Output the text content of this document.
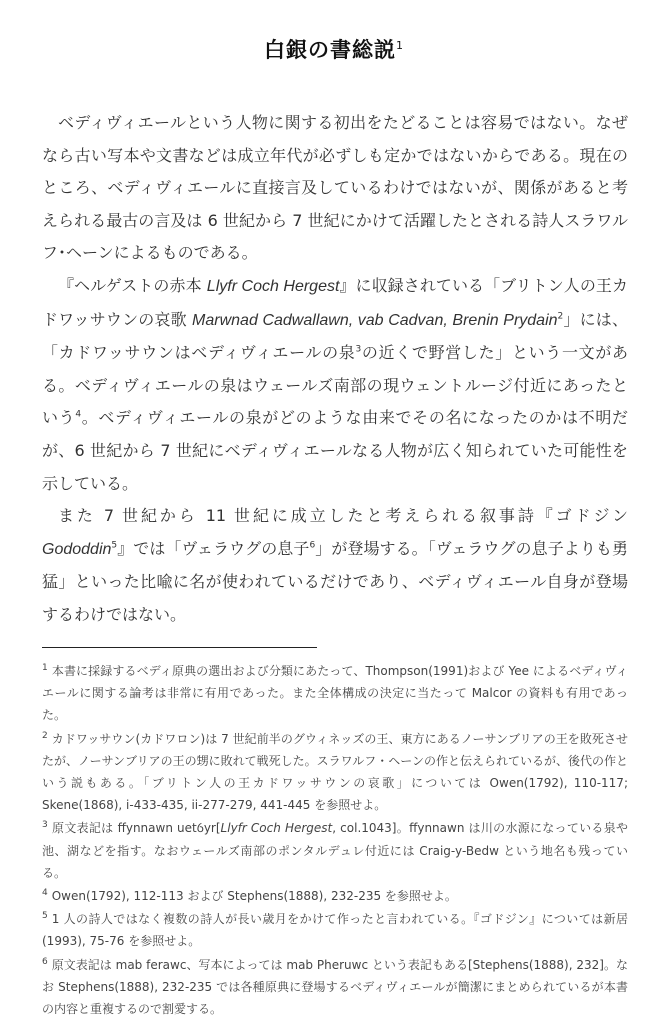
白銀の書総説$^1$

ベディヴィエールという人物に関する初出をたどることは容易ではない。なぜなら古い写本や文書などは成立年代が必ずしも定かではないからである。現在のところ、ベディヴィエールに直接言及しているわけではないが、関係があると考えられる最古の言及は 6 世紀から 7 世紀にかけて活躍したとされる詩人スラワルフ･ヘーンによるものである。

『ヘルゲストの赤本 Llyfr Coch Hergest』に収録されている「ブリトン人の王カドワッサウンの哀歌 Marwnad Cadwallawn, vab Cadvan, Brenin Prydain$^2$」には、「カドワッサウンはベディヴィエールの泉$^3$の近くで野営した」という一文がある。ベディヴィエールの泉はウェールズ南部の現ウェントルージ付近にあったという$^4$。ベディヴィエールの泉がどのような由来でその名になったのかは不明だが、6 世紀から 7 世紀にベディヴィエールなる人物が広く知られていた可能性を示している。

また 7 世紀から 11 世紀に成立したと考えられる叙事詩『ゴドジン Gododdin$^5$』では「ヴェラウグの息子$^6$」が登場する。「ヴェラウグの息子よりも勇猛」といった比喩に名が使われているだけであり、ベディヴィエール自身が登場するわけではない。

$^1$ 本書に採録するベディ原典の選出および分類にあたって、Thompson(1991)および Yee によるベディヴィエールに関する論考は非常に有用であった。また全体構成の決定に当たって Malcor の資料も有用であった。

$^2$ カドワッサウン(カドワロン)は 7 世紀前半のグウィネッズの王、東方にあるノーサンブリアの王を敗死させたが、ノーサンブリアの王の甥に敗れて戦死した。スラワルフ・ヘーンの作と伝えられているが、後代の作という説もある。「ブリトン人の王カドワッサウンの哀歌」については Owen(1792), 110-117; Skene(1868), i-433-435, ii-277-279, 441-445 を参照せよ。

$^3$ 原文表記は ffynnawn uetỽyr[Llyfr Coch Hergest, col.1043]。ffynnawn は川の水源になっている泉や池、湖などを指す。なおウェールズ南部のポンタルデュレ付近には Craig-y-Bedw という地名も残っている。

$^4$ Owen(1792), 112-113 および Stephens(1888), 232-235 を参照せよ。

$^5$ 1 人の詩人ではなく複数の詩人が長い歳月をかけて作ったと言われている。『ゴドジン』については新居(1993), 75-76 を参照せよ。

$^6$ 原文表記は mab ferawc、写本によっては mab Pheruwc という表記もある[Stephens(1888), 232]。なお Stephens(1888), 232-235 では各種原典に登場するベディヴィエールが簡潔にまとめられているが本書の内容と重複するので割愛する。
